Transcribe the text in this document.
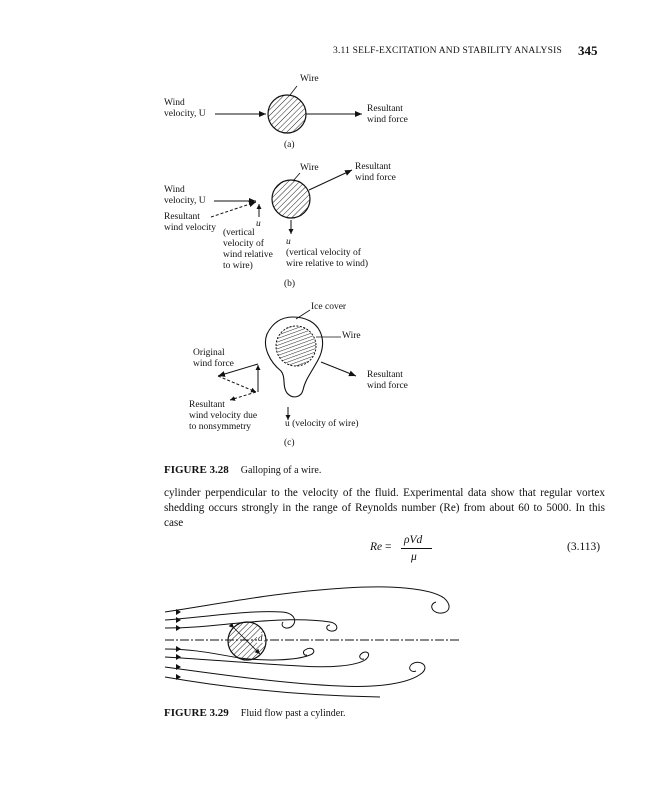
3.11 SELF-EXCITATION AND STABILITY ANALYSIS 345
Wire
Wind
velocity, U	Resultant
wind force
(a)
Wire	Resultant
wind force
Wind
velocity, U
Resultant
wind velocity	u
(vertical
velocity of
wind relative
to wire)
u
(vertical velocity of
wire relative to wind)
(b)
Ice cover
Wire
Original
wind force
Resultant
wind force
Resultant
wind velocity due
to nonsymmetry	u (velocity of wire)
(c)
FIGURE 3.28 Galloping of a wire.
cylinder perpendicular to the velocity of the fluid. Experimental data show that regular vortex shedding occurs strongly in the range of Reynolds number (Re) from about 60 to 5000. In this case
Re =
ρVd
μ
(3.113)
d
FIGURE 3.29 Fluid flow past a cylinder.
